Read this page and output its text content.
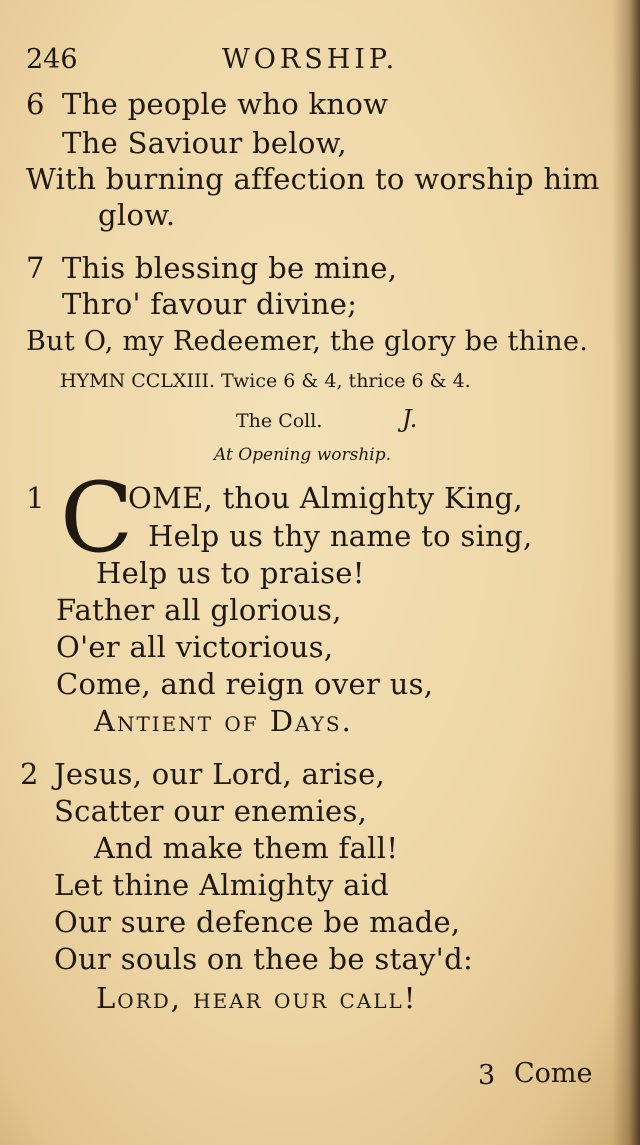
246	WORSHIP.
6 The people who know
The Saviour below,
With burning affection to worship him
glow.
7 This blessing be mine,
Thro' favour divine;
But O, my Redeemer, the glory be thine.
HYMN CCLXIII. Twice 6 & 4, thrice 6 & 4.
The Coll.	J.
At Opening worship.
1 C
OME, thou Almighty King,
Help us thy name to sing,
Help us to praise!
Father all glorious,
O'er all victorious,
Come, and reign over us,
Antient of Days.
2 Jesus, our Lord, arise,
Scatter our enemies,
And make them fall!
Let thine Almighty aid
Our sure defence be made,
Our souls on thee be stay'd:
Lord, hear our call!
3 Come
